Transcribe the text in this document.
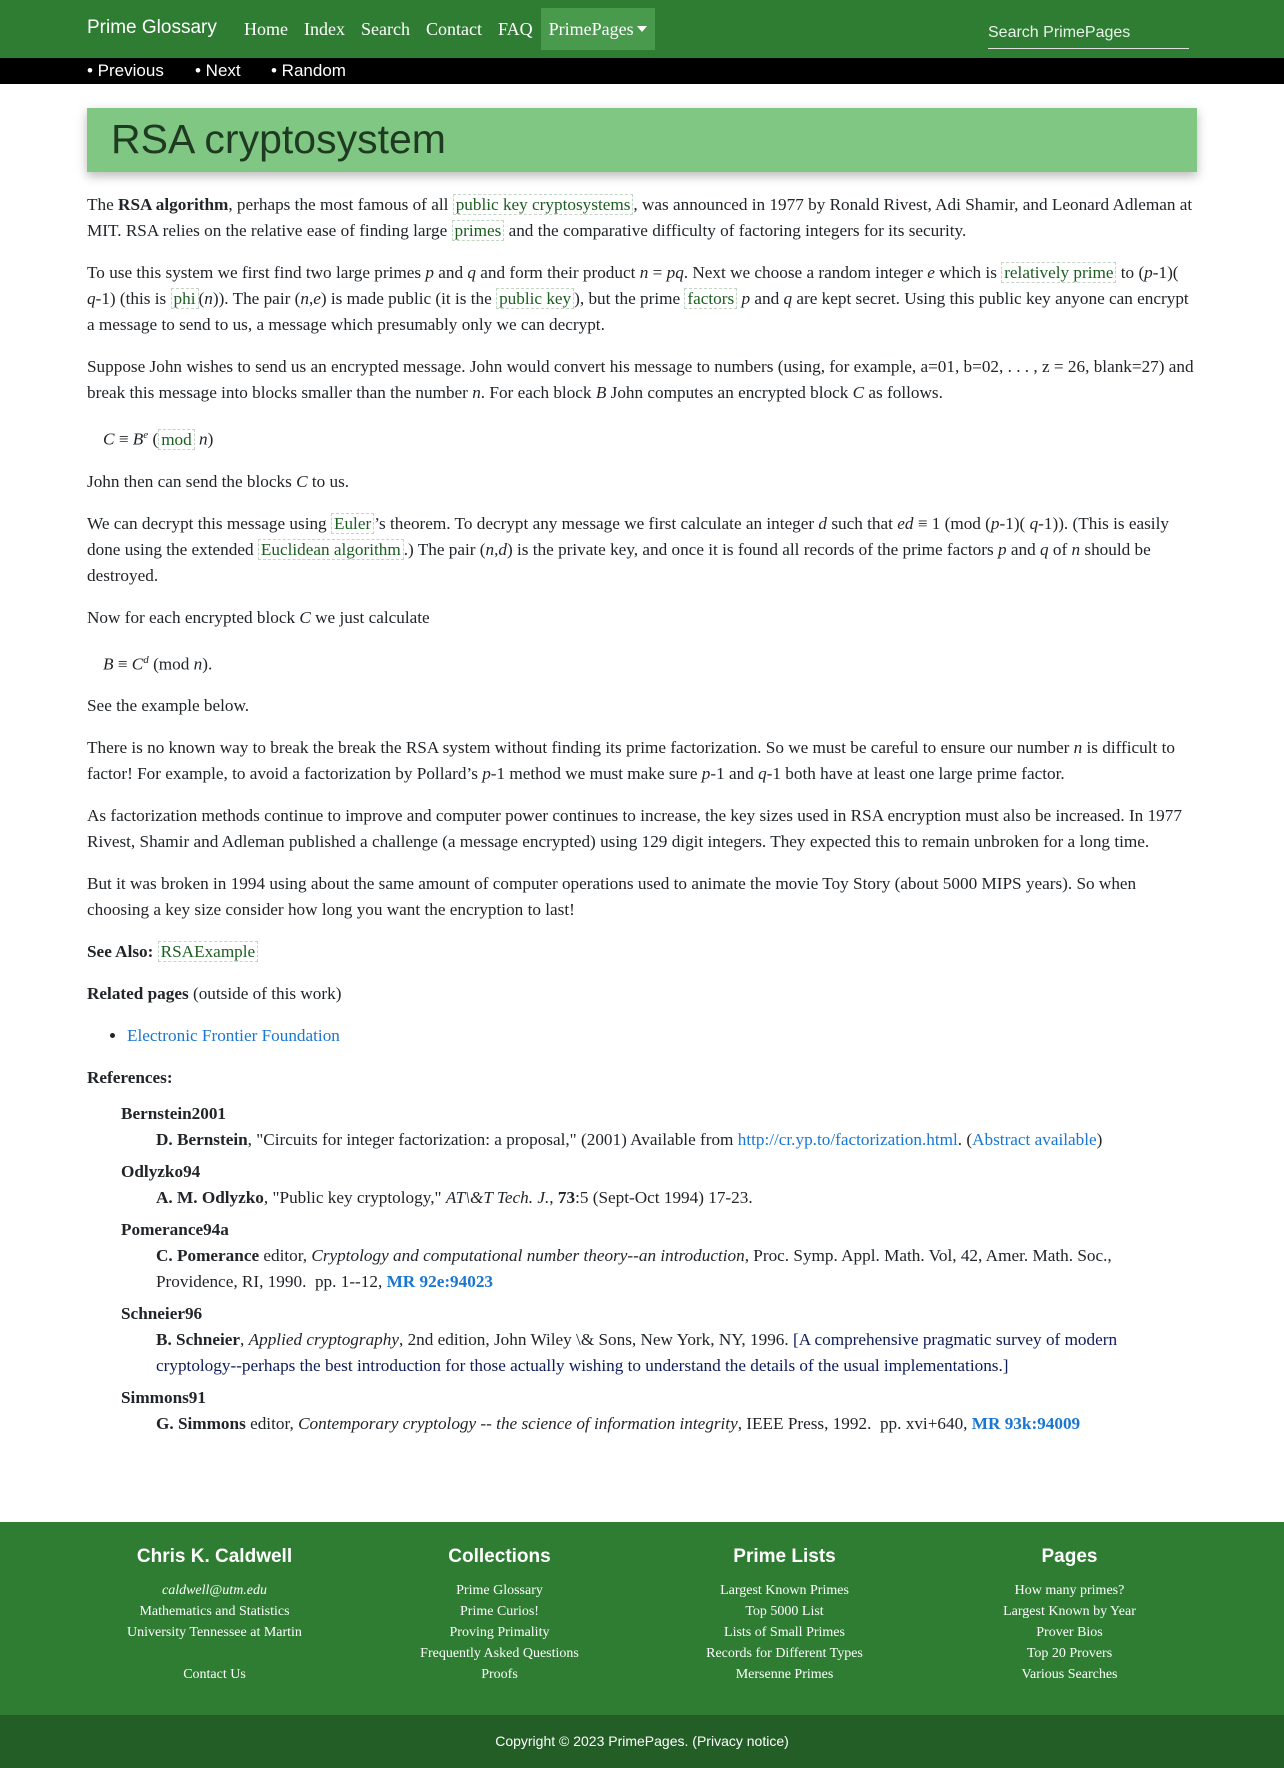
Prime Glossary	Home Index Search Contact FAQ PrimePages
Search PrimePages
• Previous • Next • Random
RSA cryptosystem

The RSA algorithm, perhaps the most famous of all public key cryptosystems , was announced in 1977 by Ronald Rivest, Adi Shamir, and Leonard Adleman at MIT. RSA relies on the relative ease of finding large primes and the comparative difficulty of factoring integers for its security.

To use this system we first find two large primes p and q and form their product n = pq. Next we choose a random integer e which is relatively prime to (p-1)( q-1) (this is phi (n)). The pair (n,e) is made public (it is the public key ), but the prime factors p and q are kept secret. Using this public key anyone can encrypt a message to send to us, a message which presumably only we can decrypt.

Suppose John wishes to send us an encrypted message. John would convert his message to numbers (using, for example, a=01, b=02, . . . , z = 26, blank=27) and break this message into blocks smaller than the number n. For each block B John computes an encrypted block C as follows.

$C \equiv B^e$ ( mod n)

John then can send the blocks C to us.

We can decrypt this message using Euler ’s theorem. To decrypt any message we first calculate an integer d such that ed ≡ 1 (mod (p-1)( q-1)). (This is easily done using the extended Euclidean algorithm .) The pair (n,d) is the private key, and once it is found all records of the prime factors p and q of n should be destroyed.

Now for each encrypted block C we just calculate

$B \equiv C^d$ (mod n).

See the example below.

There is no known way to break the break the RSA system without finding its prime factorization. So we must be careful to ensure our number n is difficult to factor! For example, to avoid a factorization by Pollard’s p-1 method we must make sure p-1 and q-1 both have at least one large prime factor.

As factorization methods continue to improve and computer power continues to increase, the key sizes used in RSA encryption must also be increased. In 1977 Rivest, Shamir and Adleman published a challenge (a message encrypted) using 129 digit integers. They expected this to remain unbroken for a long time.

But it was broken in 1994 using about the same amount of computer operations used to animate the movie Toy Story (about 5000 MIPS years). So when choosing a key size consider how long you want the encryption to last!

See Also: RSAExample

Related pages (outside of this work)

• Electronic Frontier Foundation

References:

Bernstein2001
D. Bernstein, "Circuits for integer factorization: a proposal," (2001) Available from http://cr.yp.to/factorization.html. (Abstract available)
Odlyzko94
A. M. Odlyzko, "Public key cryptology," AT\&T Tech. J., 73:5 (Sept-Oct 1994) 17-23.
Pomerance94a
C. Pomerance editor, Cryptology and computational number theory--an introduction, Proc. Symp. Appl. Math. Vol, 42, Amer. Math. Soc., Providence, RI, 1990.  pp. 1--12, MR 92e:94023
Schneier96
B. Schneier, Applied cryptography, 2nd edition, John Wiley \& Sons, New York, NY, 1996. [A comprehensive pragmatic survey of modern cryptology--perhaps the best introduction for those actually wishing to understand the details of the usual implementations.]
Simmons91
G. Simmons editor, Contemporary cryptology -- the science of information integrity, IEEE Press, 1992.  pp. xvi+640, MR 93k:94009
Chris K. Caldwell
caldwell@utm.edu
Mathematics and Statistics
University Tennessee at Martin

Contact Us
Collections
Prime Glossary
Prime Curios!
Proving Primality
Frequently Asked Questions
Proofs
Prime Lists
Largest Known Primes
Top 5000 List
Lists of Small Primes
Records for Different Types
Mersenne Primes
Pages
How many primes?
Largest Known by Year
Prover Bios
Top 20 Provers
Various Searches
Copyright © 2023 PrimePages. (Privacy notice)
